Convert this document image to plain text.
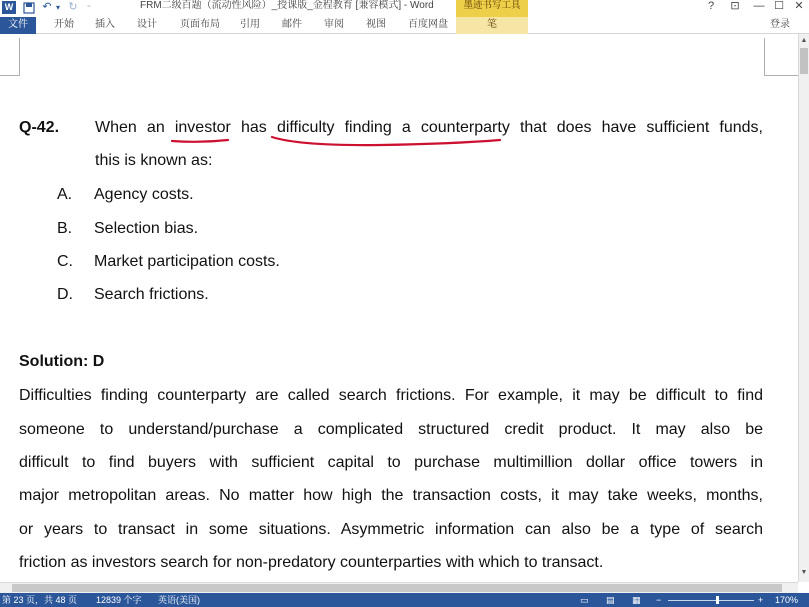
W	↶ ▾ ↻	⁼	FRM二级百题（流动性风险）_授课版_金程教育 [兼容模式] - Word	墨迹书写工具	?	⊡	— ☐ ✕
文件	开始 插入 设计 页面布局 引用 邮件 审阅 视图 百度网盘	笔	登录
Q-42. When an investor has difficulty finding a counterparty that does have sufficient funds,
this is known as:
A. Agency costs.
B. Selection bias.
C. Market participation costs.
D. Search frictions.
Solution: D
Difficulties finding counterparty are called search frictions. For example, it may be difficult to find
someone to understand/purchase a complicated structured credit product. It may also be
difficult to find buyers with sufficient capital to purchase multimillion dollar office towers in
major metropolitan areas. No matter how high the transaction costs, it may take weeks, months,
or years to transact in some situations. Asymmetric information can also be a type of search
friction as investors search for non-predatory counterparties with which to transact.
▲
▼
第 23 页，共 48 页 12839 个字 英语(美国)	▭ ▤ ▦ −	+ 170%
